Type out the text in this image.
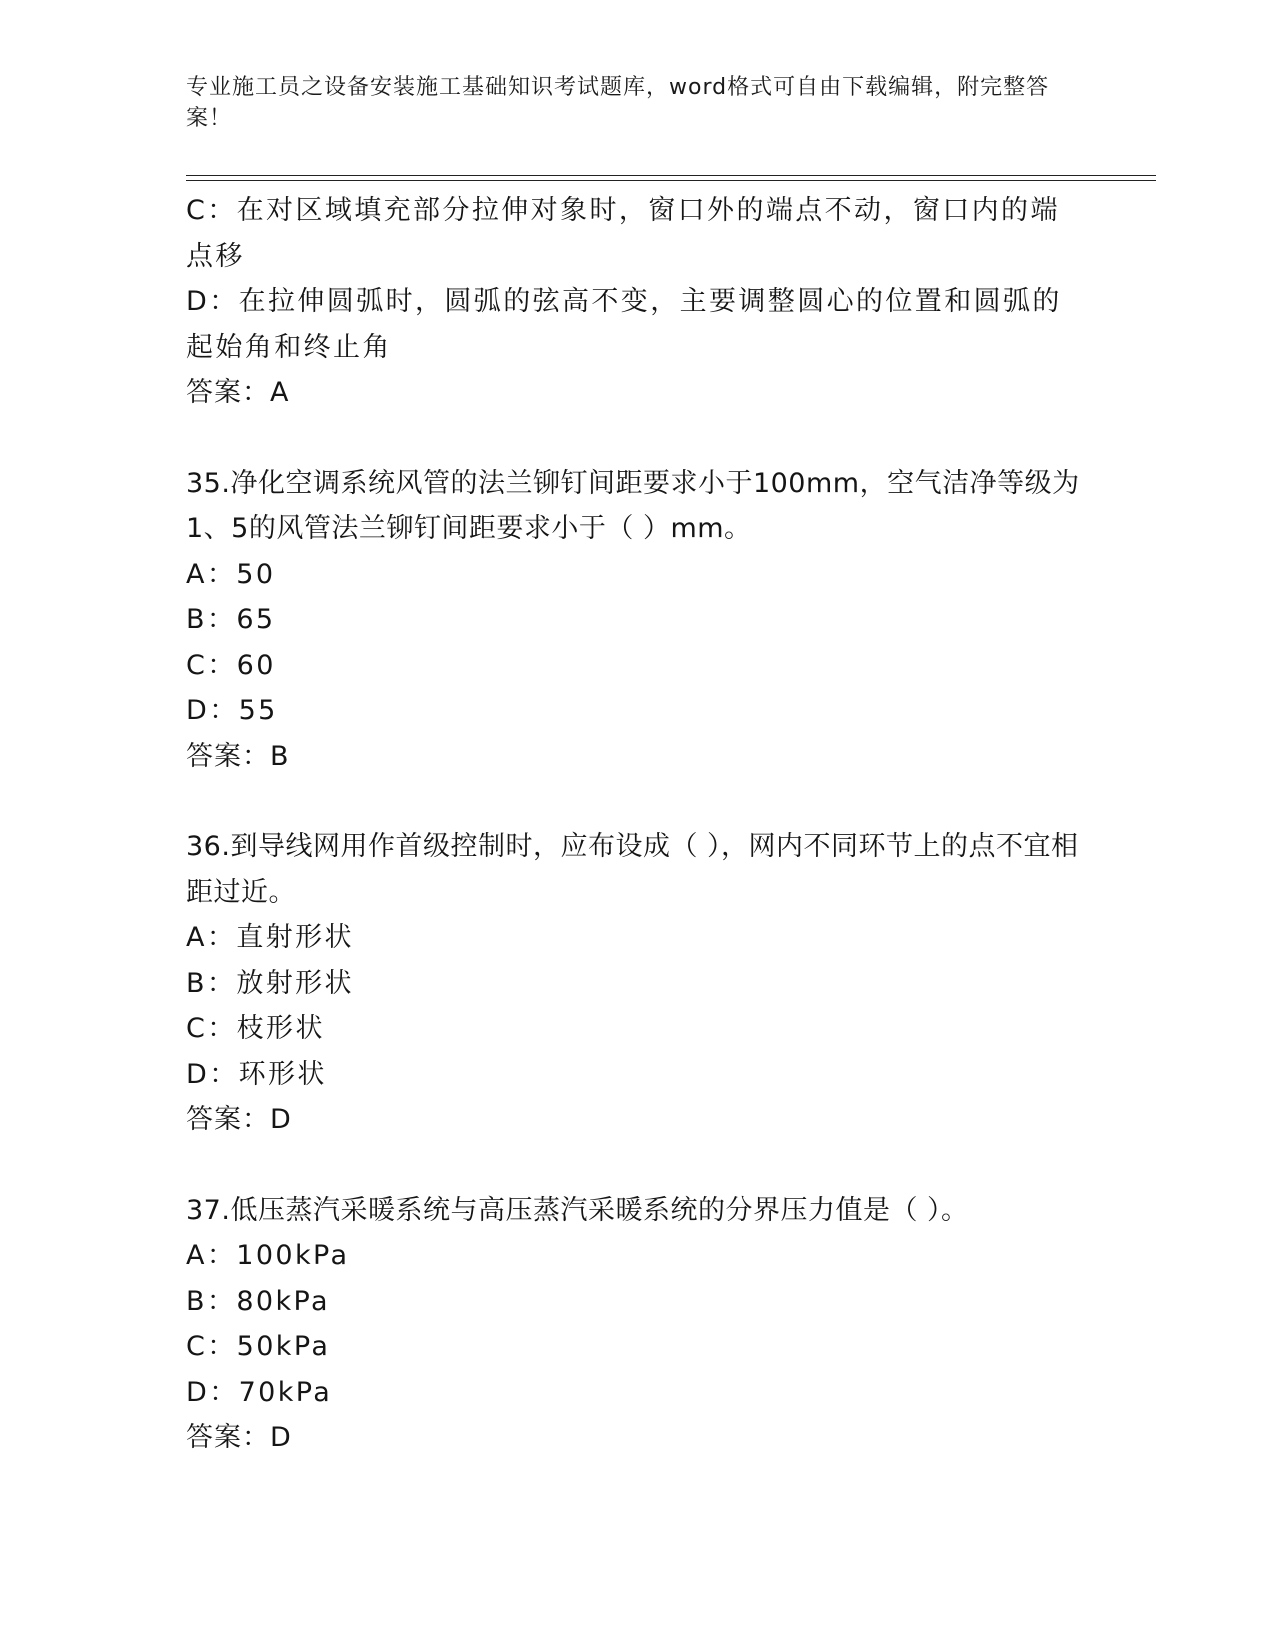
专业施工员之设备安装施工基础知识考试题库，word格式可自由下载编辑，附完整答案！
C：在对区域填充部分拉伸对象时，窗口外的端点不动，窗口内的端点移
D：在拉伸圆弧时，圆弧的弦高不变，主要调整圆心的位置和圆弧的起始角和终止角
答案：A
35.净化空调系统风管的法兰铆钉间距要求小于100mm，空气洁净等级为1、5的风管法兰铆钉间距要求小于（ ）mm。
A：50
B：65
C：60
D：55
答案：B
36.到导线网用作首级控制时，应布设成（ ），网内不同环节上的点不宜相距过近。
A：直射形状
B：放射形状
C：枝形状
D：环形状
答案：D
37.低压蒸汽采暖系统与高压蒸汽采暖系统的分界压力值是（ ）。
A：100kPa
B：80kPa
C：50kPa
D：70kPa
答案：D
